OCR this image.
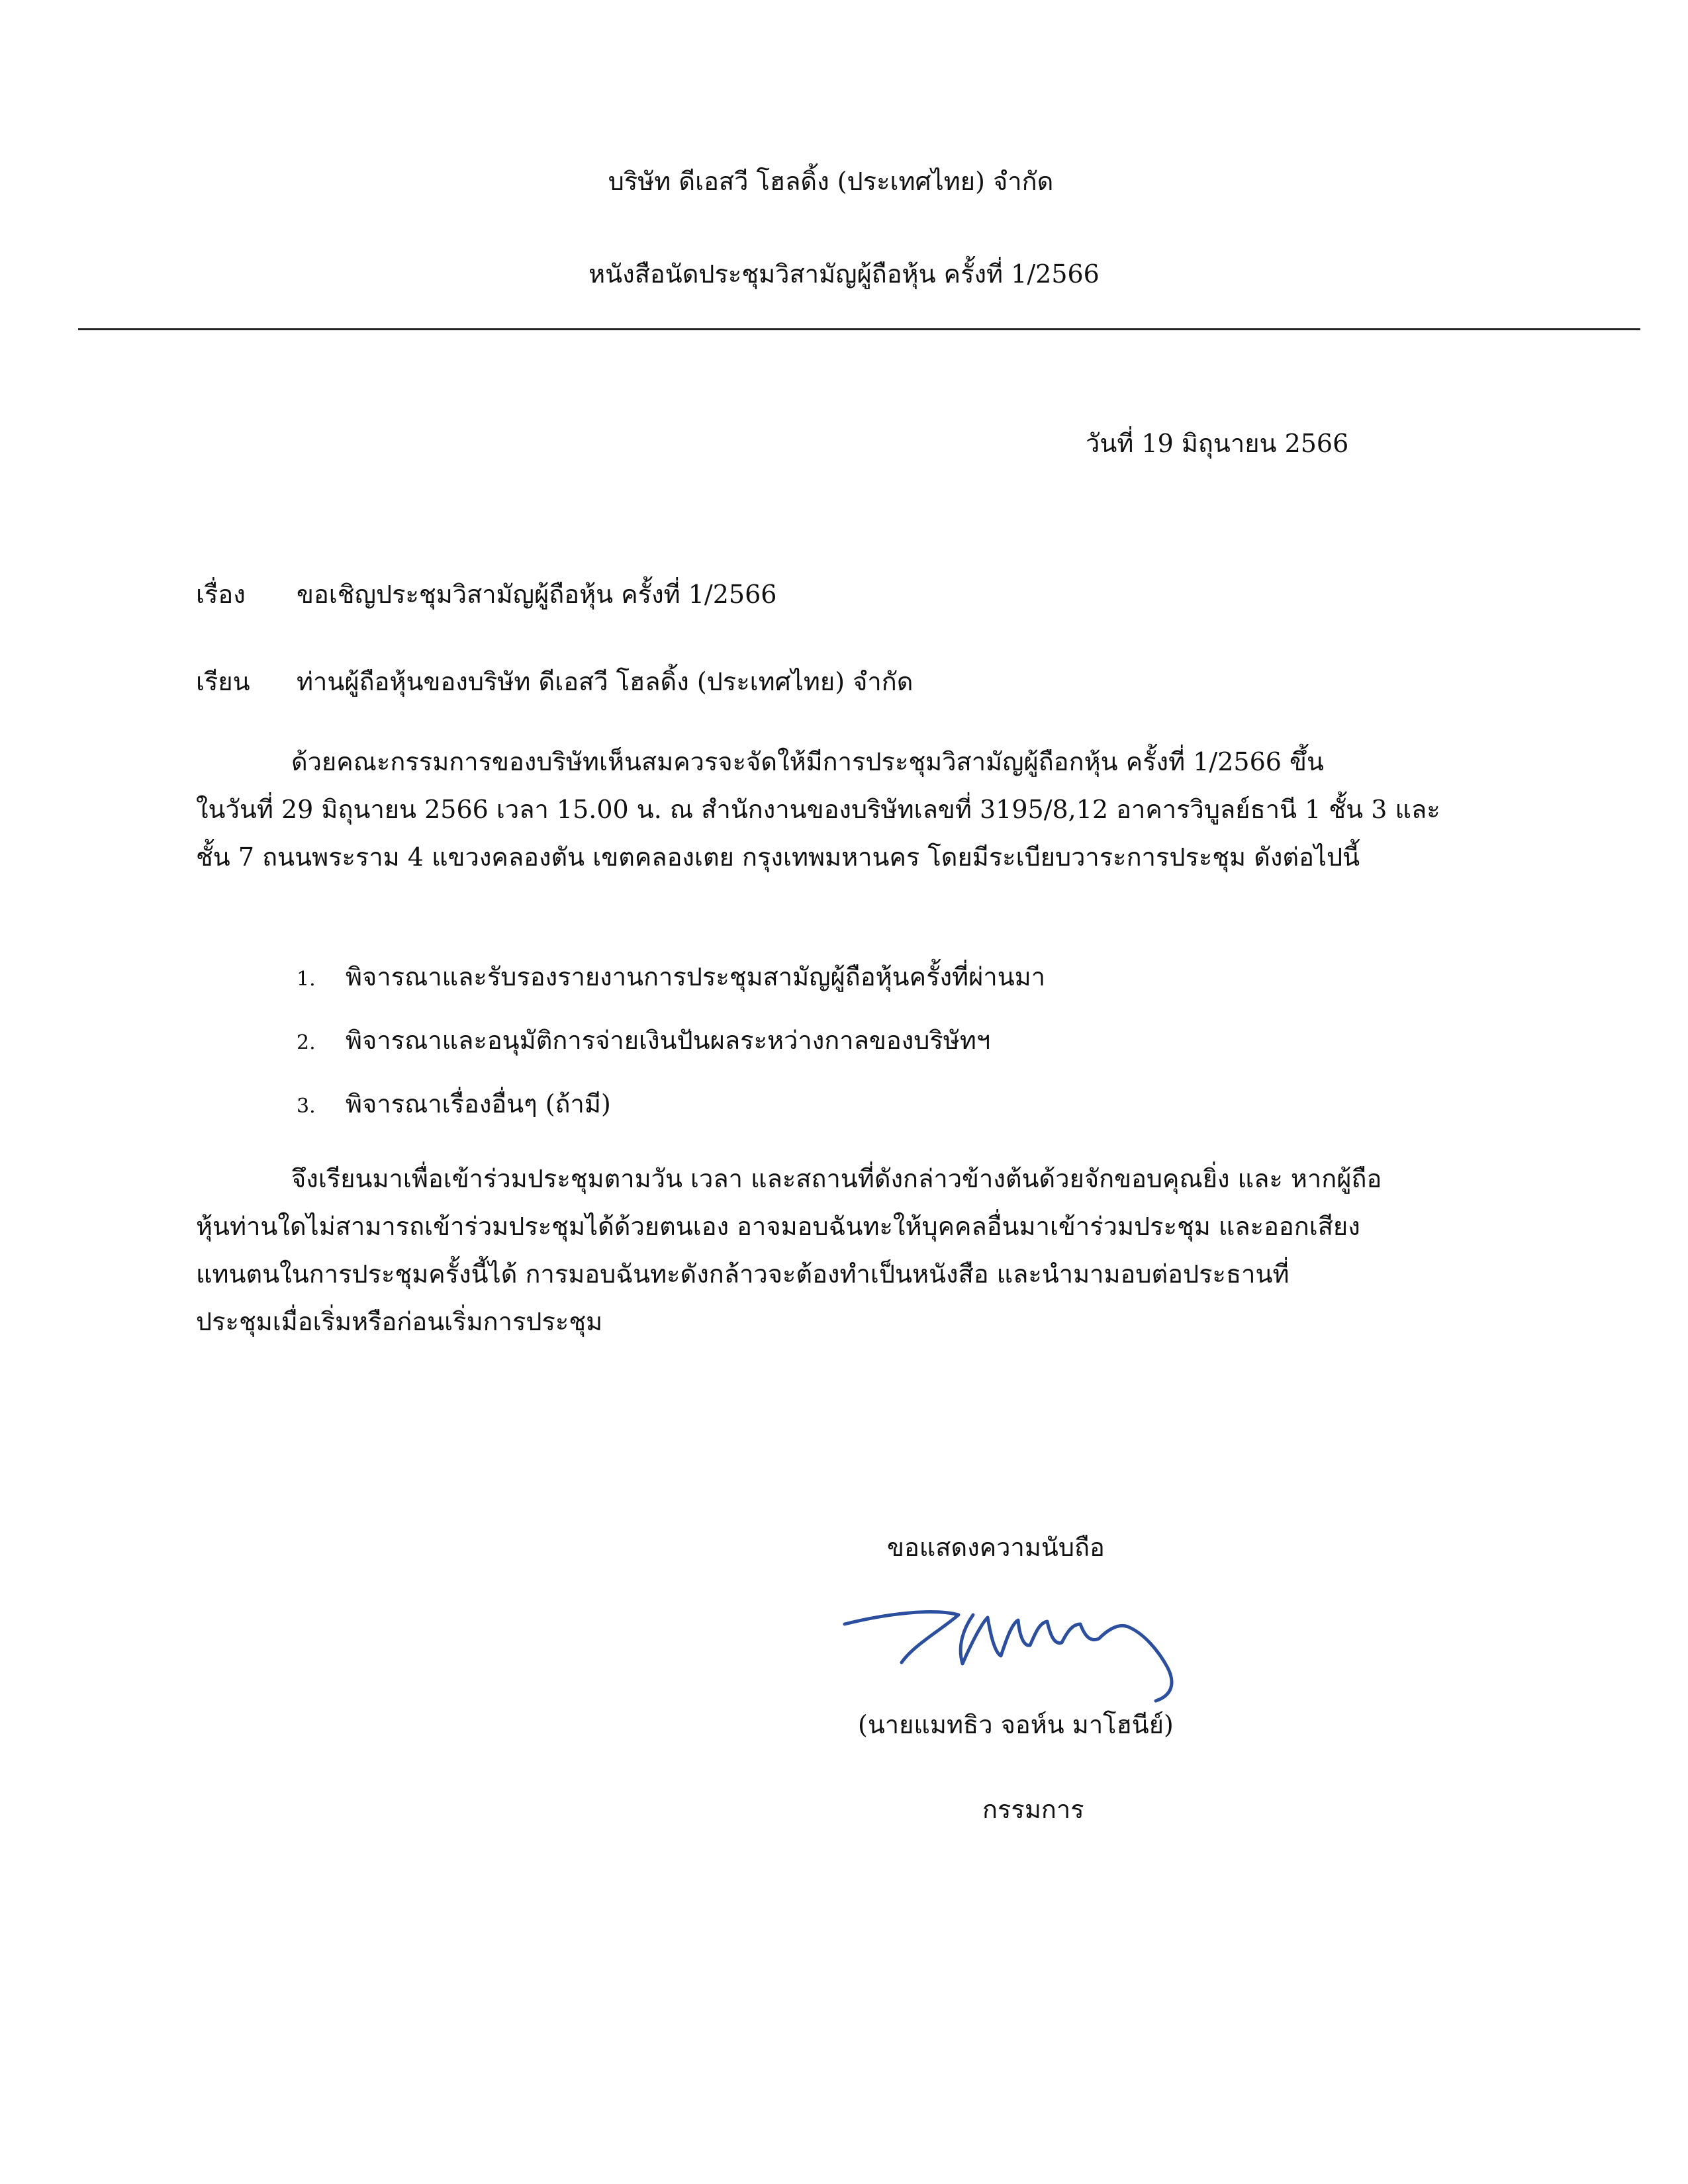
บริษัท ดีเอสวี โฮลดิ้ง (ประเทศไทย) จำกัด
หนังสือนัดประชุมวิสามัญผู้ถือหุ้น ครั้งที่ 1/2566
วันที่ 19 มิถุนายน 2566
เรื่อง ขอเชิญประชุมวิสามัญผู้ถือหุ้น ครั้งที่ 1/2566
เรียน ท่านผู้ถือหุ้นของบริษัท ดีเอสวี โฮลดิ้ง (ประเทศไทย) จำกัด
ด้วยคณะกรรมการของบริษัทเห็นสมควรจะจัดให้มีการประชุมวิสามัญผู้ถือกหุ้น ครั้งที่ 1/2566 ขึ้น
ในวันที่ 29 มิถุนายน 2566 เวลา 15.00 น. ณ สำนักงานของบริษัทเลขที่ 3195/8,12 อาคารวิบูลย์ธานี 1 ชั้น 3 และ
ชั้น 7 ถนนพระราม 4 แขวงคลองตัน เขตคลองเตย กรุงเทพมหานคร โดยมีระเบียบวาระการประชุม ดังต่อไปนี้
1. พิจารณาและรับรองรายงานการประชุมสามัญผู้ถือหุ้นครั้งที่ผ่านมา
2. พิจารณาและอนุมัติการจ่ายเงินปันผลระหว่างกาลของบริษัทฯ
3. พิจารณาเรื่องอื่นๆ (ถ้ามี)
จึงเรียนมาเพื่อเข้าร่วมประชุมตามวัน เวลา และสถานที่ดังกล่าวข้างต้นด้วยจักขอบคุณยิ่ง และ หากผู้ถือ
หุ้นท่านใดไม่สามารถเข้าร่วมประชุมได้ด้วยตนเอง อาจมอบฉันทะให้บุคคลอื่นมาเข้าร่วมประชุม และออกเสียง
แทนตนในการประชุมครั้งนี้ได้ การมอบฉันทะดังกล้าวจะต้องทำเป็นหนังสือ และนำมามอบต่อประธานที่
ประชุมเมื่อเริ่มหรือก่อนเริ่มการประชุม
ขอแสดงความนับถือ
(นายแมทธิว จอห์น มาโฮนีย์)
กรรมการ
